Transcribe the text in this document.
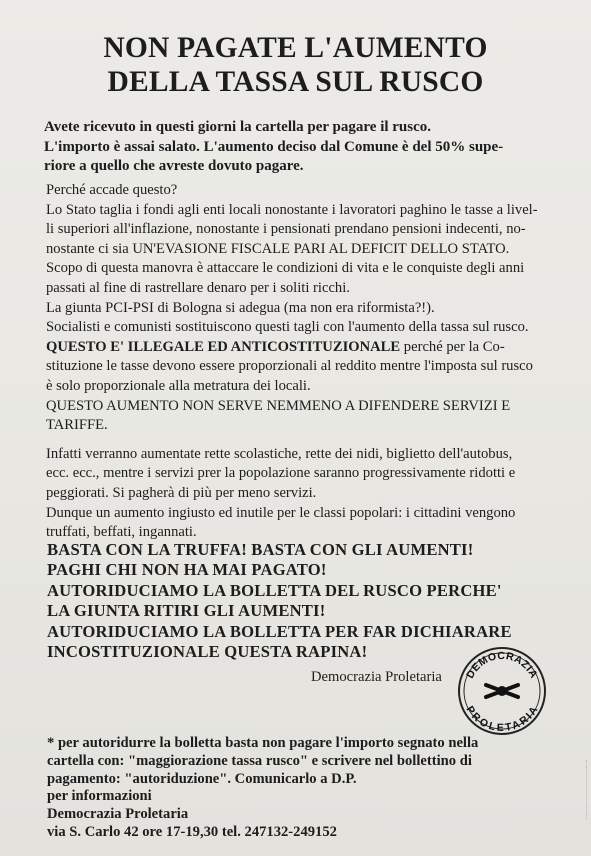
NON PAGATE L'AUMENTO
DELLA TASSA SUL RUSCO
Avete ricevuto in questi giorni la cartella per pagare il rusco.
L'importo è assai salato. L'aumento deciso dal Comune è del 50% supe-
riore a quello che avreste dovuto pagare.
Perché accade questo?
Lo Stato taglia i fondi agli enti locali nonostante i lavoratori paghino le tasse a livel-
li superiori all'inflazione, nonostante i pensionati prendano pensioni indecenti, no-
nostante ci sia UN'EVASIONE FISCALE PARI AL DEFICIT DELLO STATO.
Scopo di questa manovra è attaccare le condizioni di vita e le conquiste degli anni
passati al fine di rastrellare denaro per i soliti ricchi.
La giunta PCI-PSI di Bologna si adegua (ma non era riformista?!).
Socialisti e comunisti sostituiscono questi tagli con l'aumento della tassa sul rusco.
QUESTO E' ILLEGALE ED ANTICOSTITUZIONALE perché per la Co-
stituzione le tasse devono essere proporzionali al reddito mentre l'imposta sul rusco
è solo proporzionale alla metratura dei locali.
QUESTO AUMENTO NON SERVE NEMMENO A DIFENDERE SERVIZI E
TARIFFE.
Infatti verranno aumentate rette scolastiche, rette dei nidi, biglietto dell'autobus,
ecc. ecc., mentre i servizi prer la popolazione saranno progressivamente ridotti e
peggiorati. Si pagherà di più per meno servizi.
Dunque un aumento ingiusto ed inutile per le classi popolari: i cittadini vengono
truffati, beffati, ingannati.
BASTA CON LA TRUFFA! BASTA CON GLI AUMENTI!
PAGHI CHI NON HA MAI PAGATO!
AUTORIDUCIAMO LA BOLLETTA DEL RUSCO PERCHE'
LA GIUNTA RITIRI GLI AUMENTI!
AUTORIDUCIAMO LA BOLLETTA PER FAR DICHIARARE
INCOSTITUZIONALE QUESTA RAPINA!
Democrazia Proletaria DEMOCRAZIA
PROLETARIA
* per autoridurre la bolletta basta non pagare l'importo segnato nella
cartella con: "maggiorazione tassa rusco" e scrivere nel bollettino di
pagamento: "autoriduzione". Comunicarlo a D.P.
per informazioni
Democrazia Proletaria
via S. Carlo 42 ore 17-19,30 tel. 247132-249152
